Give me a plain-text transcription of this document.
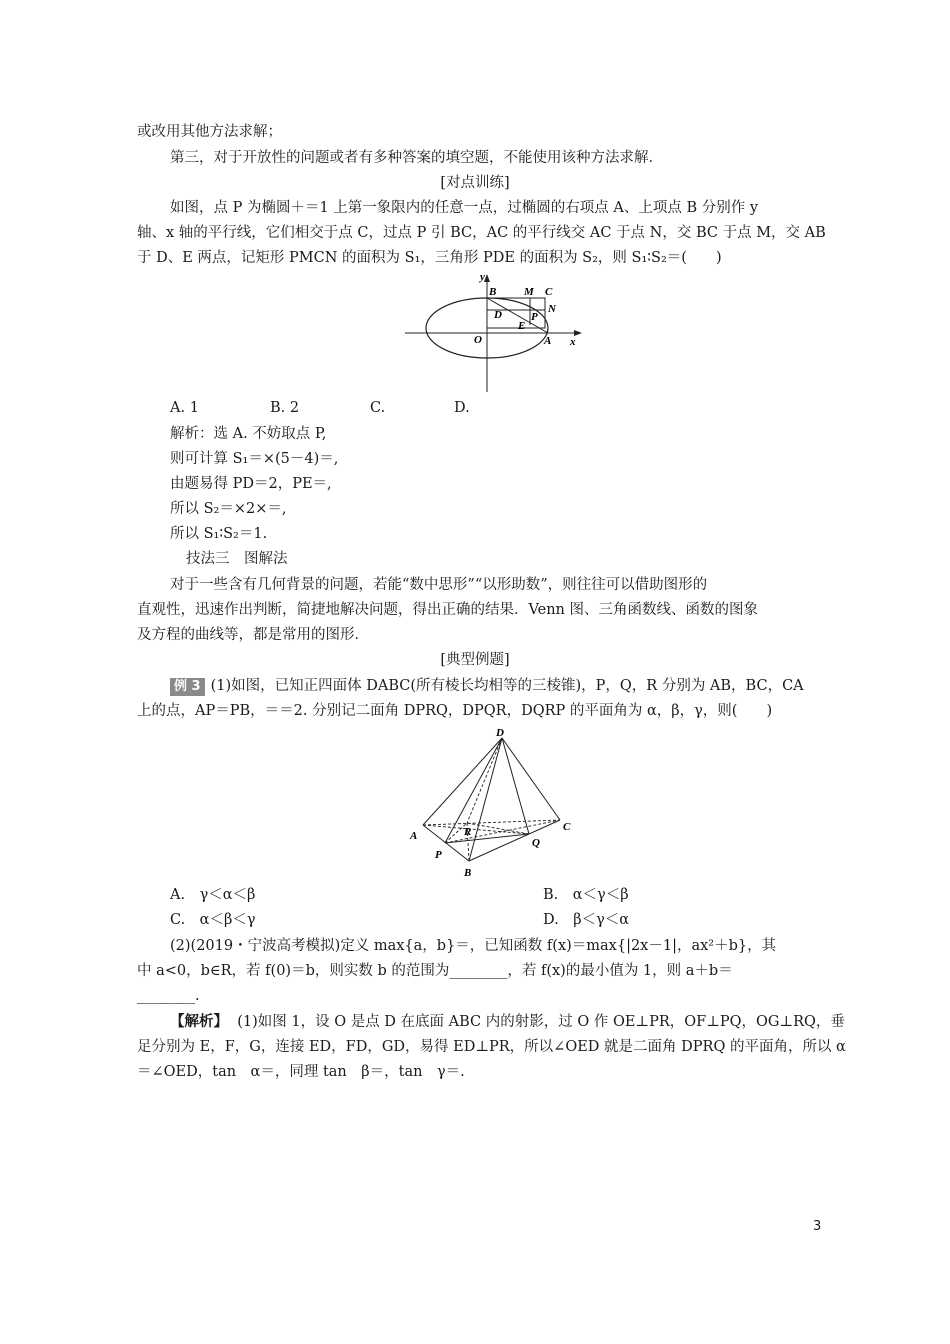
或改用其他方法求解；
第三，对于开放性的问题或者有多种答案的填空题，不能使用该种方法求解．
[对点训练]
如图，点 P 为椭圆＋＝1 上第一象限内的任意一点，过椭圆的右项点 A、上项点 B 分别作 y
轴、x 轴的平行线，它们相交于点 C，过点 P 引 BC，AC 的平行线交 AC 于点 N，交 BC 于点 M，交 AB
于 D、E 两点，记矩形 PMCN 的面积为 S₁，三角形 PDE 的面积为 S₂，则 S₁∶S₂＝(　　)
y
x
O	A
B	C
M
N
D
E
P
A. 1	B. 2	C.	D.
解析：选 A. 不妨取点 P,
则可计算 S₁＝×(5－4)＝,
由题易得 PD＝2，PE＝,
所以 S₂＝×2×＝,
所以 S₁∶S₂＝1.
技法三　图解法
对于一些含有几何背景的问题，若能“数中思形”“以形助数”，则往往可以借助图形的
直观性，迅速作出判断，简捷地解决问题，得出正确的结果．Venn 图、三角函数线、函数的图象
及方程的曲线等，都是常用的图形．
[典型例题]
例 3 (1)如图，已知正四面体 DABC(所有棱长均相等的三棱锥)，P，Q，R 分别为 AB，BC，CA
上的点，AP＝PB，＝＝2. 分别记二面角 DPRQ，DPQR，DQRP 的平面角为 α，β，γ，则(　　)
D
A
B
C
P
Q
R
A.　γ＜α＜β	B.　α＜γ＜β
C.　α＜β＜γ	D.　β＜γ＜α
(2)(2019・宁波高考模拟)定义 max{a，b}＝，已知函数 f(x)＝max{|2x－1|，ax²＋b}，其
中 a<0，b∈R，若 f(0)＝b，则实数 b 的范围为________，若 f(x)的最小值为 1，则 a＋b＝
________.
【解析】 (1)如图 1，设 O 是点 D 在底面 ABC 内的射影，过 O 作 OE⊥PR，OF⊥PQ，OG⊥RQ，垂
足分别为 E，F，G，连接 ED，FD，GD，易得 ED⊥PR，所以∠OED 就是二面角 DPRQ 的平面角，所以 α
＝∠OED，tan　α＝，同理 tan　β＝，tan　γ＝.
3
